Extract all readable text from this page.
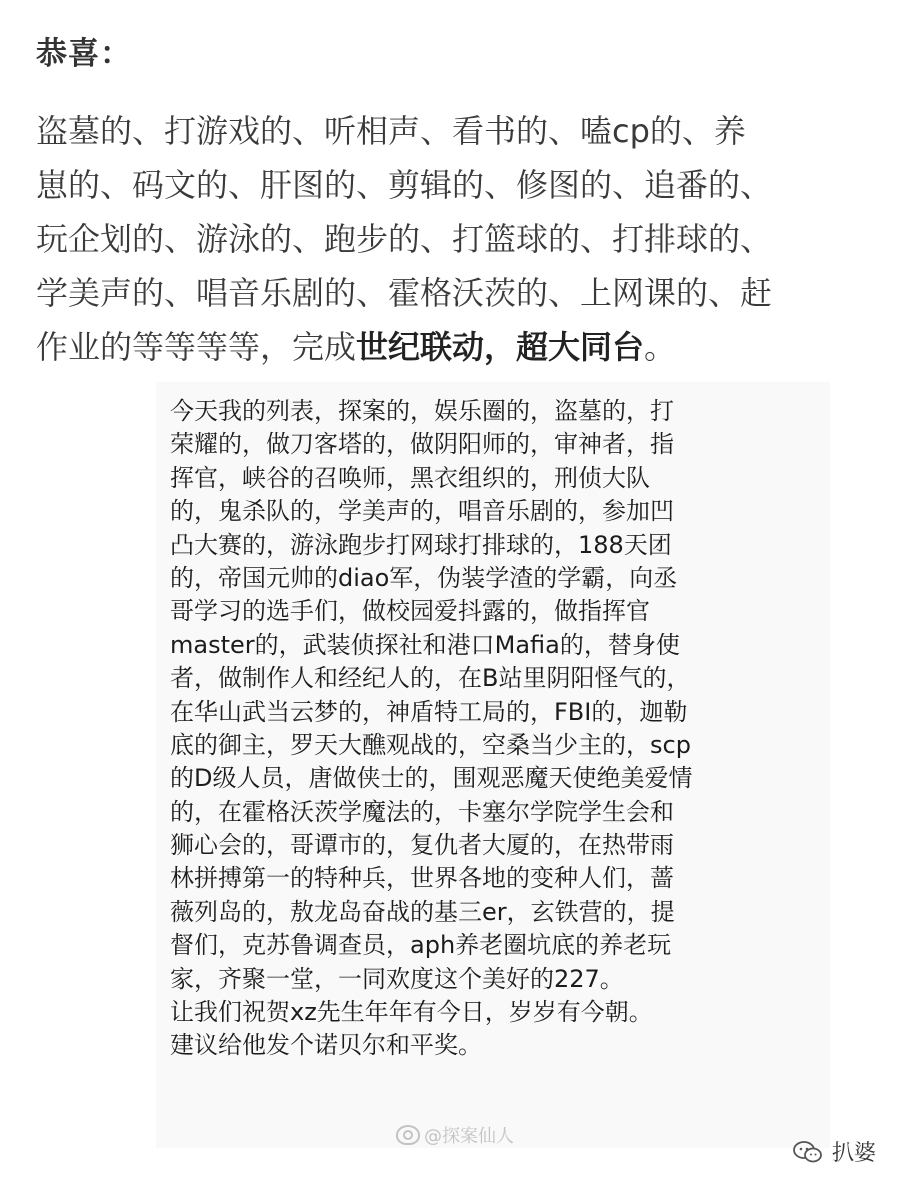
恭喜：
盗墓的、打游戏的、听相声、看书的、嗑cp的、养
崽的、码文的、肝图的、剪辑的、修图的、追番的、
玩企划的、游泳的、跑步的、打篮球的、打排球的、
学美声的、唱音乐剧的、霍格沃茨的、上网课的、赶
作业的等等等等，完成世纪联动，超大同台。
今天我的列表，探案的，娱乐圈的，盗墓的，打
荣耀的，做刀客塔的，做阴阳师的，审神者，指
挥官，峡谷的召唤师，黑衣组织的，刑侦大队
的，鬼杀队的，学美声的，唱音乐剧的，参加凹
凸大赛的，游泳跑步打网球打排球的，188天团
的，帝国元帅的diao军，伪装学渣的学霸，向丞
哥学习的选手们，做校园爱抖露的，做指挥官
master的，武装侦探社和港口Mafia的，替身使
者，做制作人和经纪人的，在B站里阴阳怪气的，
在华山武当云梦的，神盾特工局的，FBI的，迦勒
底的御主，罗天大醮观战的，空桑当少主的，scp
的D级人员，唐做侠士的，围观恶魔天使绝美爱情
的，在霍格沃茨学魔法的，卡塞尔学院学生会和
狮心会的，哥谭市的，复仇者大厦的，在热带雨
林拼搏第一的特种兵，世界各地的变种人们，蔷
薇列岛的，敖龙岛奋战的基三er，玄铁营的，提
督们，克苏鲁调查员，aph养老圈坑底的养老玩
家，齐聚一堂，一同欢度这个美好的227。
让我们祝贺xz先生年年有今日，岁岁有今朝。
建议给他发个诺贝尔和平奖。
@探案仙人
扒婆
